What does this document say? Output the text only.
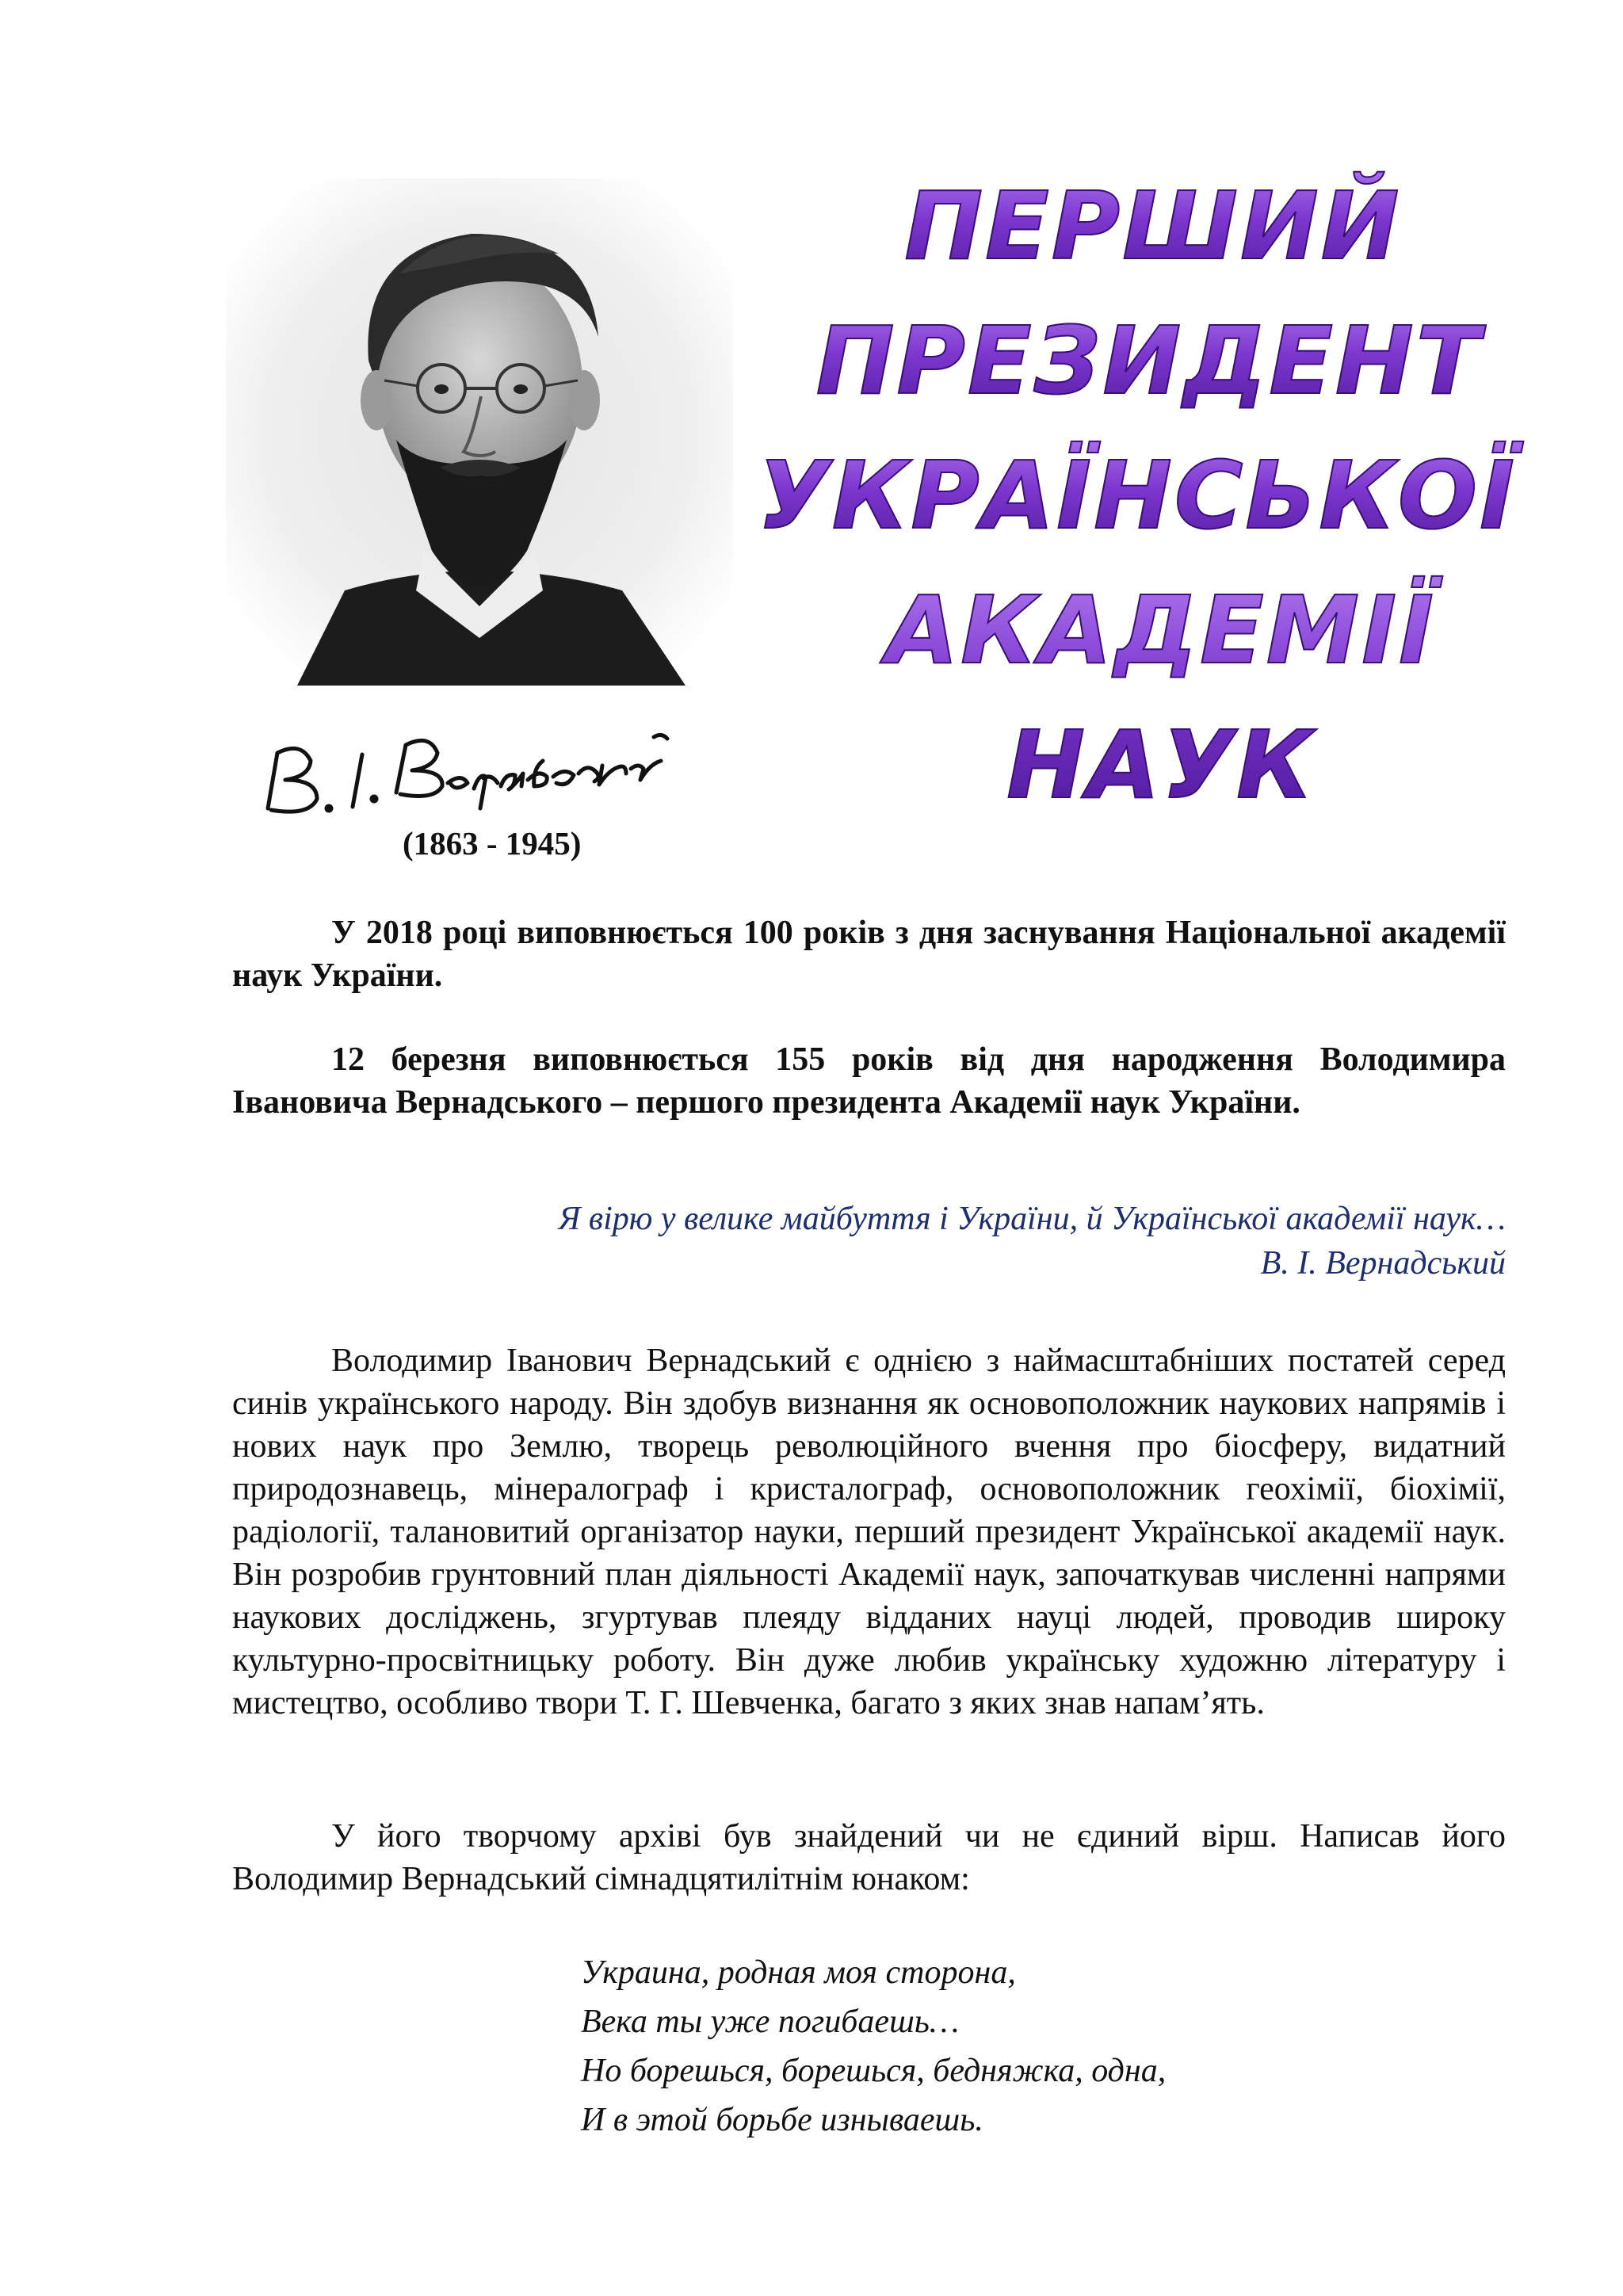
ПЕРШИЙ
ПРЕЗИДЕНТ
УКРАЇНСЬКОЇ
АКАДЕМІЇ НАУК
(1863 - 1945)

У 2018 році виповнюється 100 років з дня заснування Національної академії наук України.

12 березня виповнюється 155 років від дня народження Володимира Івановича Вернадського – першого президента Академії наук України.

Я вірю у велике майбуття і України, й Української академії наук…
В. І. Вернадський

Володимир Іванович Вернадський є однією з наймасштабніших постатей серед синів українського народу. Він здобув визнання як основоположник наукових напрямів і нових наук про Землю, творець революційного вчення про біосферу, видатний природознавець, мінералограф і кристалограф, основоположник геохімії, біохімії, радіології, талановитий організатор науки, перший президент Української академії наук. Він розробив грунтовний план діяльності Академії наук, започаткував численні напрями наукових досліджень, згуртував плеяду відданих науці людей, проводив широку культурно-просвітницьку роботу. Він дуже любив українську художню літературу і мистецтво, особливо твори Т. Г. Шевченка, багато з яких знав напам’ять.

У його творчому архіві був знайдений чи не єдиний вірш. Написав його Володимир Вернадський сімнадцятилітнім юнаком:

Украина, родная моя сторона,
Века ты уже погибаешь…
Но борешься, борешься, бедняжка, одна,
И в этой борьбе изнываешь.
